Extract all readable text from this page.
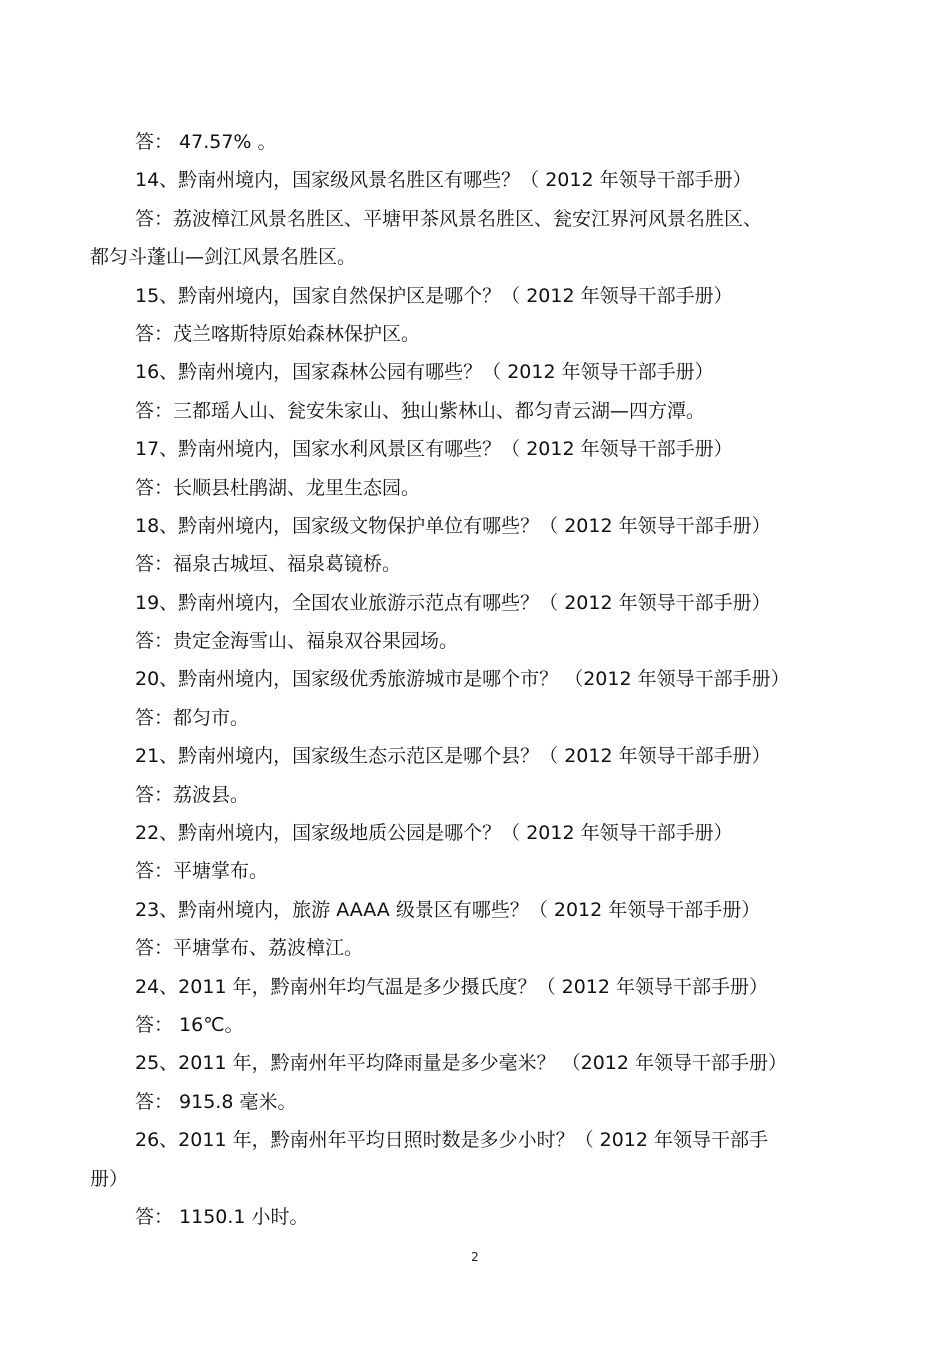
答： 47.57% 。
14、黔南州境内，国家级风景名胜区有哪些？（ 2012 年领导干部手册）
答：荔波樟江风景名胜区、平塘甲茶风景名胜区、瓮安江界河风景名胜区、
都匀斗蓬山—剑江风景名胜区。
15、黔南州境内，国家自然保护区是哪个？（ 2012 年领导干部手册）
答：茂兰喀斯特原始森林保护区。
16、黔南州境内，国家森林公园有哪些？（ 2012 年领导干部手册）
答：三都瑶人山、瓮安朱家山、独山紫林山、都匀青云湖—四方潭。
17、黔南州境内，国家水利风景区有哪些？（ 2012 年领导干部手册）
答：长顺县杜鹃湖、龙里生态园。
18、黔南州境内，国家级文物保护单位有哪些？（ 2012 年领导干部手册）
答：福泉古城垣、福泉葛镜桥。
19、黔南州境内，全国农业旅游示范点有哪些？（ 2012 年领导干部手册）
答：贵定金海雪山、福泉双谷果园场。
20、黔南州境内，国家级优秀旅游城市是哪个市？ （2012 年领导干部手册）
答：都匀市。
21、黔南州境内，国家级生态示范区是哪个县？（ 2012 年领导干部手册）
答：荔波县。
22、黔南州境内，国家级地质公园是哪个？（ 2012 年领导干部手册）
答：平塘掌布。
23、黔南州境内，旅游 AAAA 级景区有哪些？（ 2012 年领导干部手册）
答：平塘掌布、荔波樟江。
24、2011 年，黔南州年均气温是多少摄氏度？（ 2012 年领导干部手册）
答： 16℃。
25、2011 年，黔南州年平均降雨量是多少毫米？ （2012 年领导干部手册）
答： 915.8 毫米。
26、2011 年，黔南州年平均日照时数是多少小时？（ 2012 年领导干部手
册）
答： 1150.1 小时。
2
